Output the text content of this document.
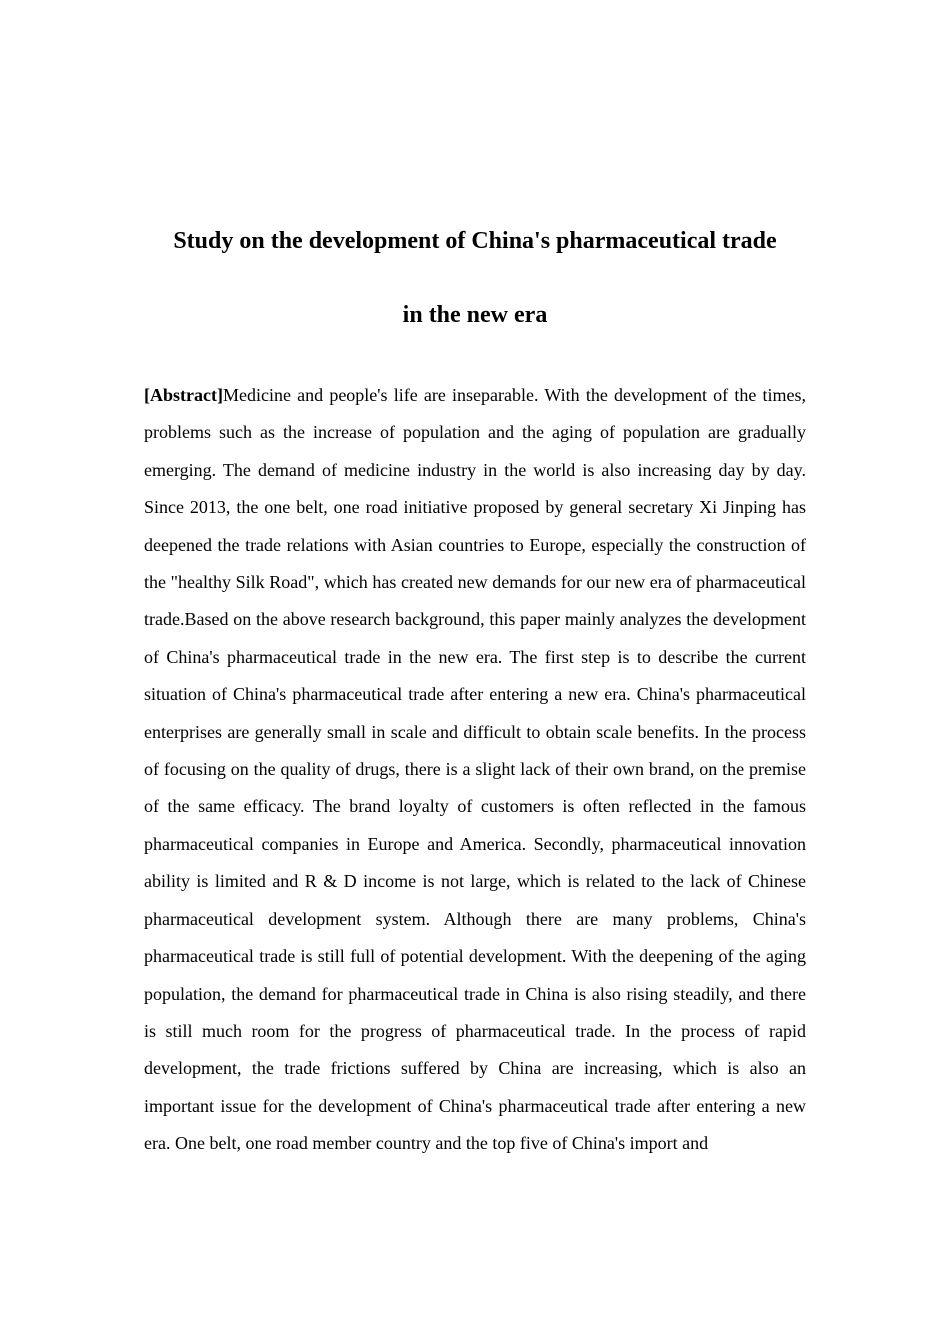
Study on the development of China's pharmaceutical trade
in the new era

[Abstract]Medicine and people's life are inseparable. With the development of the times, problems such as the increase of population and the aging of population are gradually emerging. The demand of medicine industry in the world is also increasing day by day. Since 2013, the one belt, one road initiative proposed by general secretary Xi Jinping has deepened the trade relations with Asian countries to Europe, especially the construction of the "healthy Silk Road", which has created new demands for our new era of pharmaceutical trade.Based on the above research background, this paper mainly analyzes the development of China's pharmaceutical trade in the new era. The first step is to describe the current situation of China's pharmaceutical trade after entering a new era. China's pharmaceutical enterprises are generally small in scale and difficult to obtain scale benefits. In the process of focusing on the quality of drugs, there is a slight lack of their own brand, on the premise of the same efficacy. The brand loyalty of customers is often reflected in the famous pharmaceutical companies in Europe and America. Secondly, pharmaceutical innovation ability is limited and R & D income is not large, which is related to the lack of Chinese pharmaceutical development system. Although there are many problems, China's pharmaceutical trade is still full of potential development. With the deepening of the aging population, the demand for pharmaceutical trade in China is also rising steadily, and there is still much room for the progress of pharmaceutical trade. In the process of rapid development, the trade frictions suffered by China are increasing, which is also an important issue for the development of China's pharmaceutical trade after entering a new era. One belt, one road member country and the top five of China's import and
